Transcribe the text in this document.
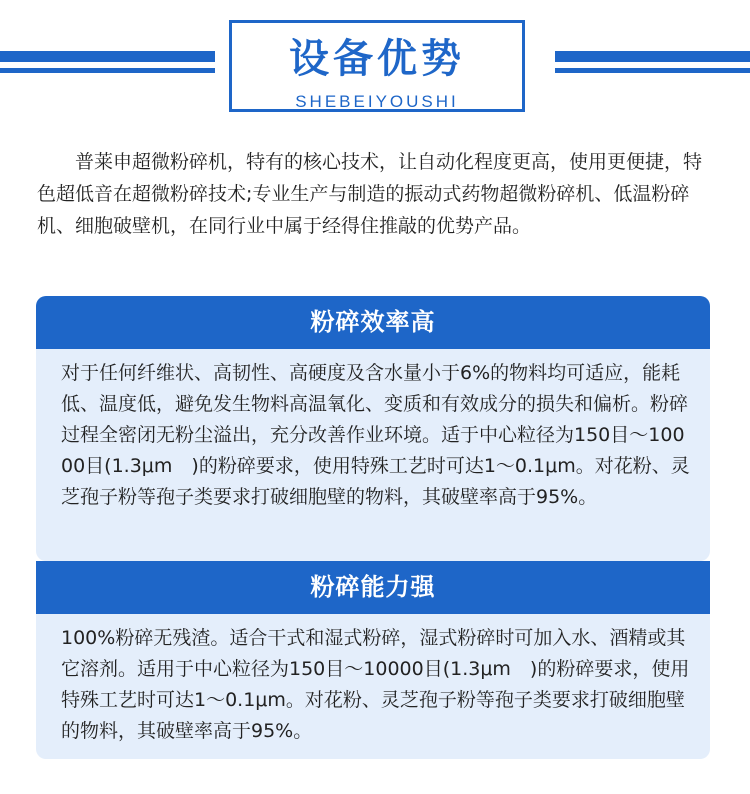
设备优势
SHEBEIYOUSHI
普莱申超微粉碎机，特有的核心技术，让自动化程度更高，使用更便捷，特色超低音在超微粉碎技术;专业生产与制造的振动式药物超微粉碎机、低温粉碎机、细胞破壁机，在同行业中属于经得住推敲的优势产品。
粉碎效率高
对于任何纤维状、高韧性、高硬度及含水量小于6%的物料均可适应，能耗低、温度低，避免发生物料高温氧化、变质和有效成分的损失和偏析。粉碎过程全密闭无粉尘溢出，充分改善作业环境。适于中心粒径为150目～10000目(1.3μm　)的粉碎要求，使用特殊工艺时可达1～0.1μm。对花粉、灵芝孢子粉等孢子类要求打破细胞壁的物料，其破壁率高于95%。
粉碎能力强
100%粉碎无残渣。适合干式和湿式粉碎，湿式粉碎时可加入水、酒精或其它溶剂。适用于中心粒径为150目～10000目(1.3μm　)的粉碎要求，使用特殊工艺时可达1～0.1μm。对花粉、灵芝孢子粉等孢子类要求打破细胞壁的物料，其破壁率高于95%。
